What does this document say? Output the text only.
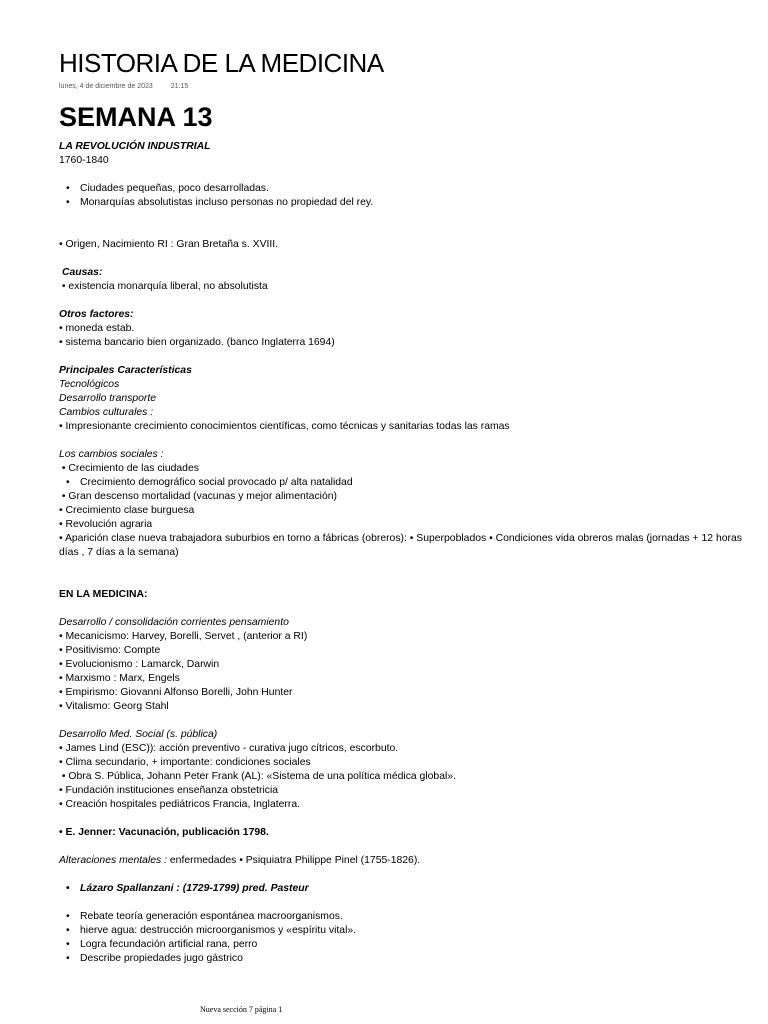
HISTORIA DE LA MEDICINA
lunes, 4 de diciembre de 2023	21:15
SEMANA 13
LA REVOLUCIÓN INDUSTRIAL
1760-1840
• Ciudades pequeñas, poco desarrolladas.
• Monarquías absolutistas incluso personas no propiedad del rey.
• Origen, Nacimiento RI : Gran Bretaña s. XVIII.
Causas:
• existencia monarquía liberal, no absolutista
Otros factores:
• moneda estab.
• sistema bancario bien organizado. (banco Inglaterra 1694)
Principales Características
Tecnológicos
Desarrollo transporte
Cambios culturales :
• Impresionante crecimiento conocimientos científicas, como técnicas y sanitarias todas las ramas
Los cambios sociales :
• Crecimiento de las ciudades
• Crecimiento demográfico social provocado p/ alta natalidad
• Gran descenso mortalidad (vacunas y mejor alimentación)
• Crecimiento clase burguesa
• Revolución agraria
• Aparición clase nueva trabajadora suburbios en torno a fábricas (obreros): • Superpoblados • Condiciones vida obreros malas (jornadas + 12 horas días , 7 días a la semana)
EN LA MEDICINA:
Desarrollo / consolidación corrientes pensamiento
• Mecanicismo: Harvey, Borelli, Servet , (anterior a RI)
• Positivismo: Compte
• Evolucionismo : Lamarck, Darwin
• Marxismo : Marx, Engels
• Empirismo: Giovanni Alfonso Borelli, John Hunter
• Vitalismo: Georg Stahl
Desarrollo Med. Social (s. pública)
• James Lind (ESC)): acción preventivo - curativa jugo cítricos, escorbuto.
• Clima secundario, + importante: condiciones sociales
• Obra S. Pública, Johann Peter Frank (AL): «Sistema de una política médica global».
• Fundación instituciones enseñanza obstetricia
• Creación hospitales pediátricos Francia, Inglaterra.
• E. Jenner: Vacunación, publicación 1798.
Alteraciones mentales : enfermedades • Psiquiatra Philippe Pinel (1755-1826).
• Lázaro Spallanzani : (1729-1799) pred. Pasteur
• Rebate teoría generación espontánea macroorganismos.
• hierve agua: destrucción microorganismos y «espíritu vital».
• Logra fecundación artificial rana, perro
• Describe propiedades jugo gástrico
Nueva sección 7 página 1
